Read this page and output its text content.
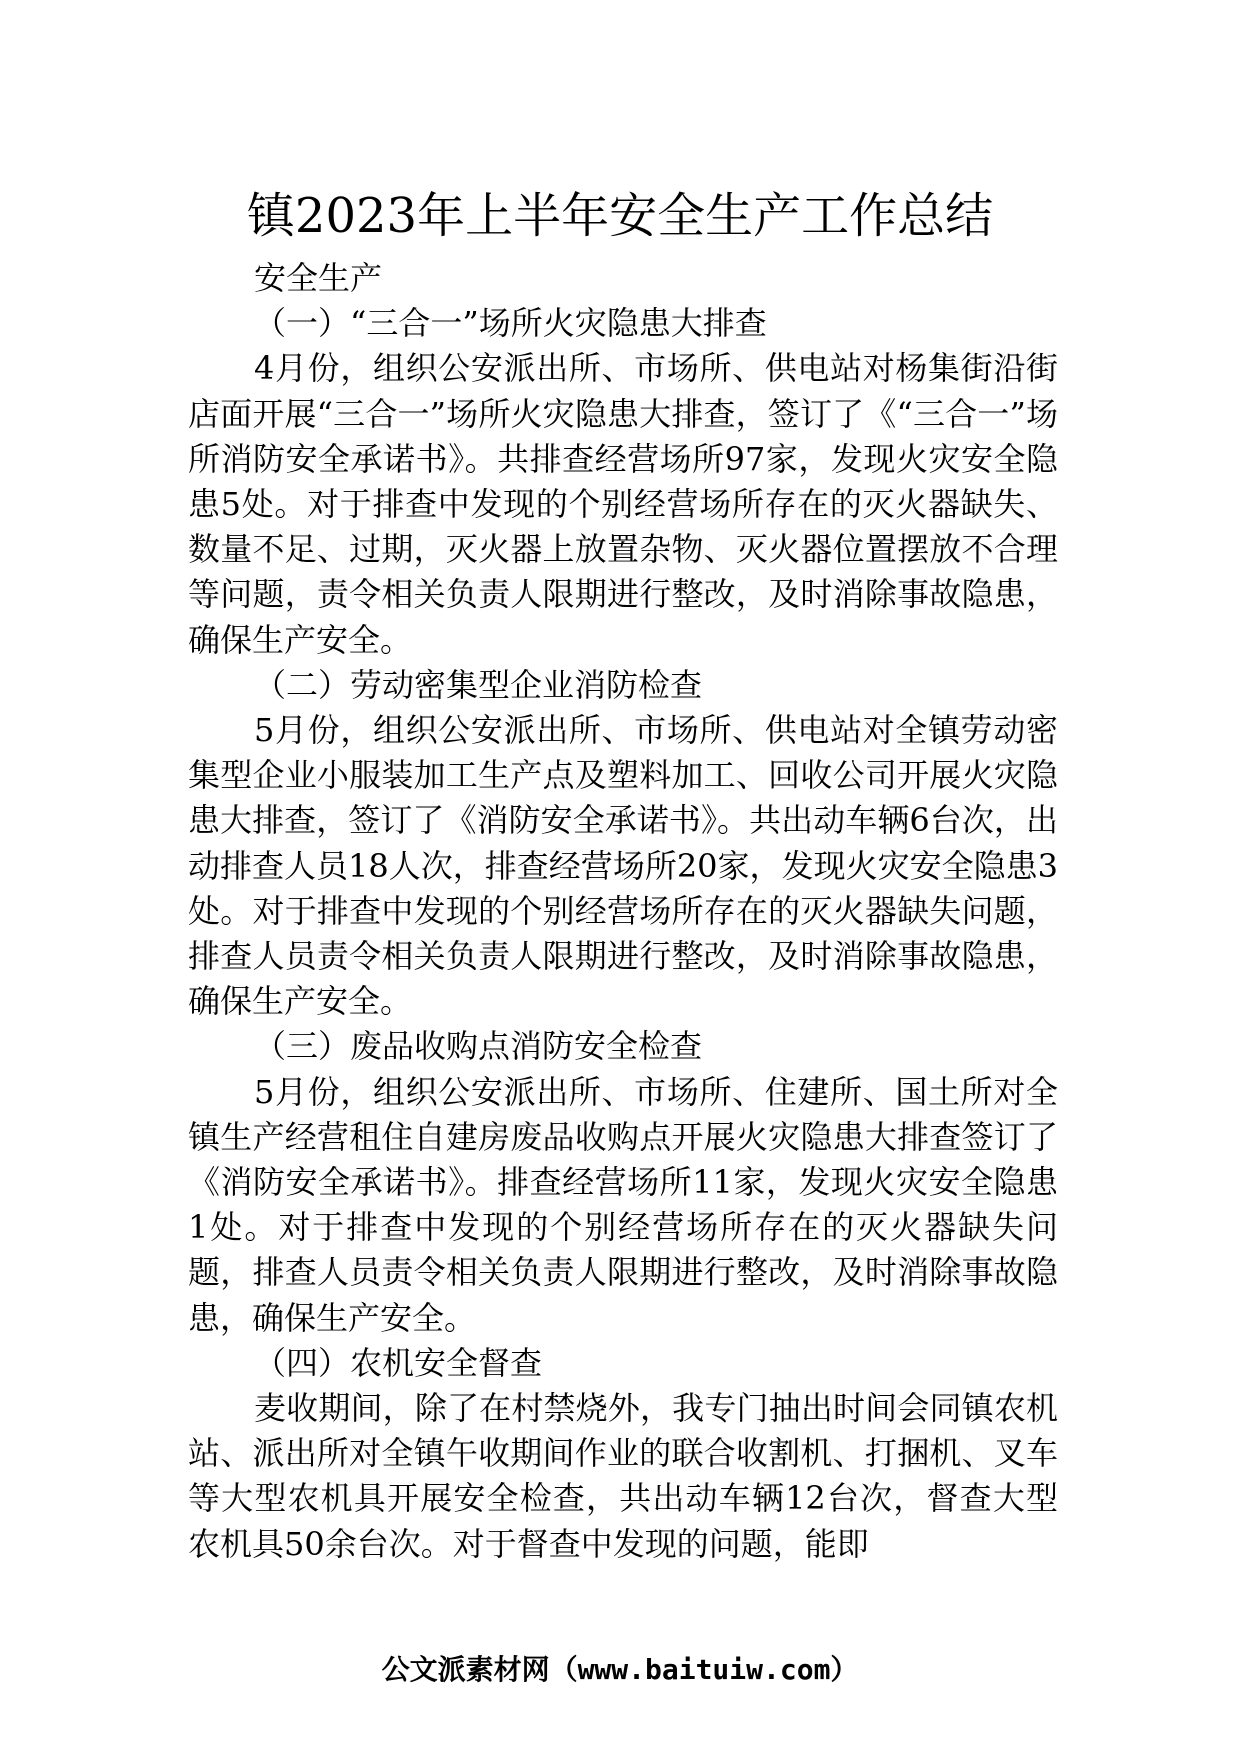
镇2023年上半年安全生产工作总结

安全生产

（一）“三合一”场所火灾隐患大排查

4月份，组织公安派出所、市场所、供电站对杨集街沿街店面开展“三合一”场所火灾隐患大排查，签订了《“三合一”场所消防安全承诺书》。共排查经营场所97家，发现火灾安全隐患5处。对于排查中发现的个别经营场所存在的灭火器缺失、数量不足、过期，灭火器上放置杂物、灭火器位置摆放不合理等问题，责令相关负责人限期进行整改，及时消除事故隐患，确保生产安全。

（二）劳动密集型企业消防检查

5月份，组织公安派出所、市场所、供电站对全镇劳动密集型企业小服装加工生产点及塑料加工、回收公司开展火灾隐患大排查，签订了《消防安全承诺书》。共出动车辆6台次，出动排查人员18人次，排查经营场所20家，发现火灾安全隐患3处。对于排查中发现的个别经营场所存在的灭火器缺失问题，排查人员责令相关负责人限期进行整改，及时消除事故隐患，确保生产安全。

（三）废品收购点消防安全检查

5月份，组织公安派出所、市场所、住建所、国土所对全镇生产经营租住自建房废品收购点开展火灾隐患大排查签订了《消防安全承诺书》。排查经营场所11家，发现火灾安全隐患1处。对于排查中发现的个别经营场所存在的灭火器缺失问题，排查人员责令相关负责人限期进行整改，及时消除事故隐患，确保生产安全。

（四）农机安全督查

麦收期间，除了在村禁烧外，我专门抽出时间会同镇农机站、派出所对全镇午收期间作业的联合收割机、打捆机、叉车等大型农机具开展安全检查，共出动车辆12台次，督查大型农机具50余台次。对于督查中发现的问题，能即

公文派素材网（www.baituiw.com）
